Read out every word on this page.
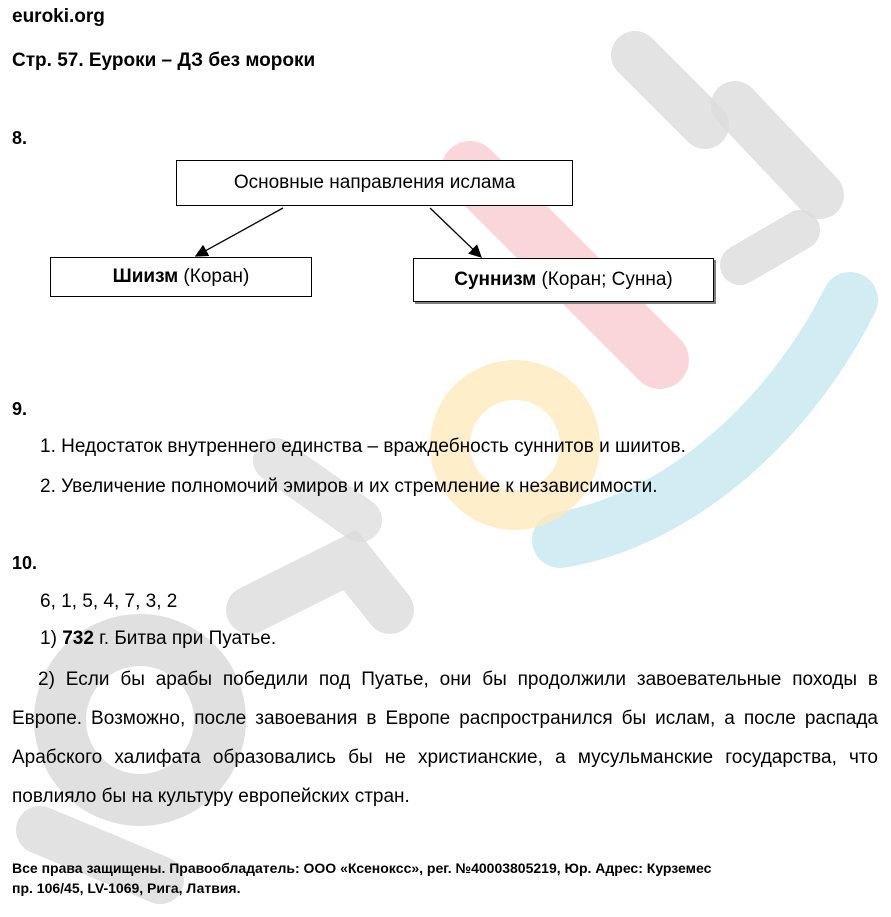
euroki.org
Стр. 57. Еуроки – ДЗ без мороки
8.
Основные направления ислама
Шиизм (Коран)	Суннизм (Коран; Сунна)
9.
1. Недостаток внутреннего единства – враждебность суннитов и шиитов.
2. Увеличение полномочий эмиров и их стремление к независимости.
10.
6, 1, 5, 4, 7, 3, 2
1) 732 г. Битва при Пуатье.

2) Если бы арабы победили под Пуатье, они бы продолжили завоевательные походы в Европе. Возможно, после завоевания в Европе распространился бы ислам, а после распада Арабского халифата образовались бы не христианские, а мусульманские государства, что повлияло бы на культуру европейских стран.

Все права защищены. Правообладатель: ООО «Ксенокcс», рег. №40003805219, Юр. Адрес: Курземес
пр. 106/45, LV-1069, Рига, Латвия.
